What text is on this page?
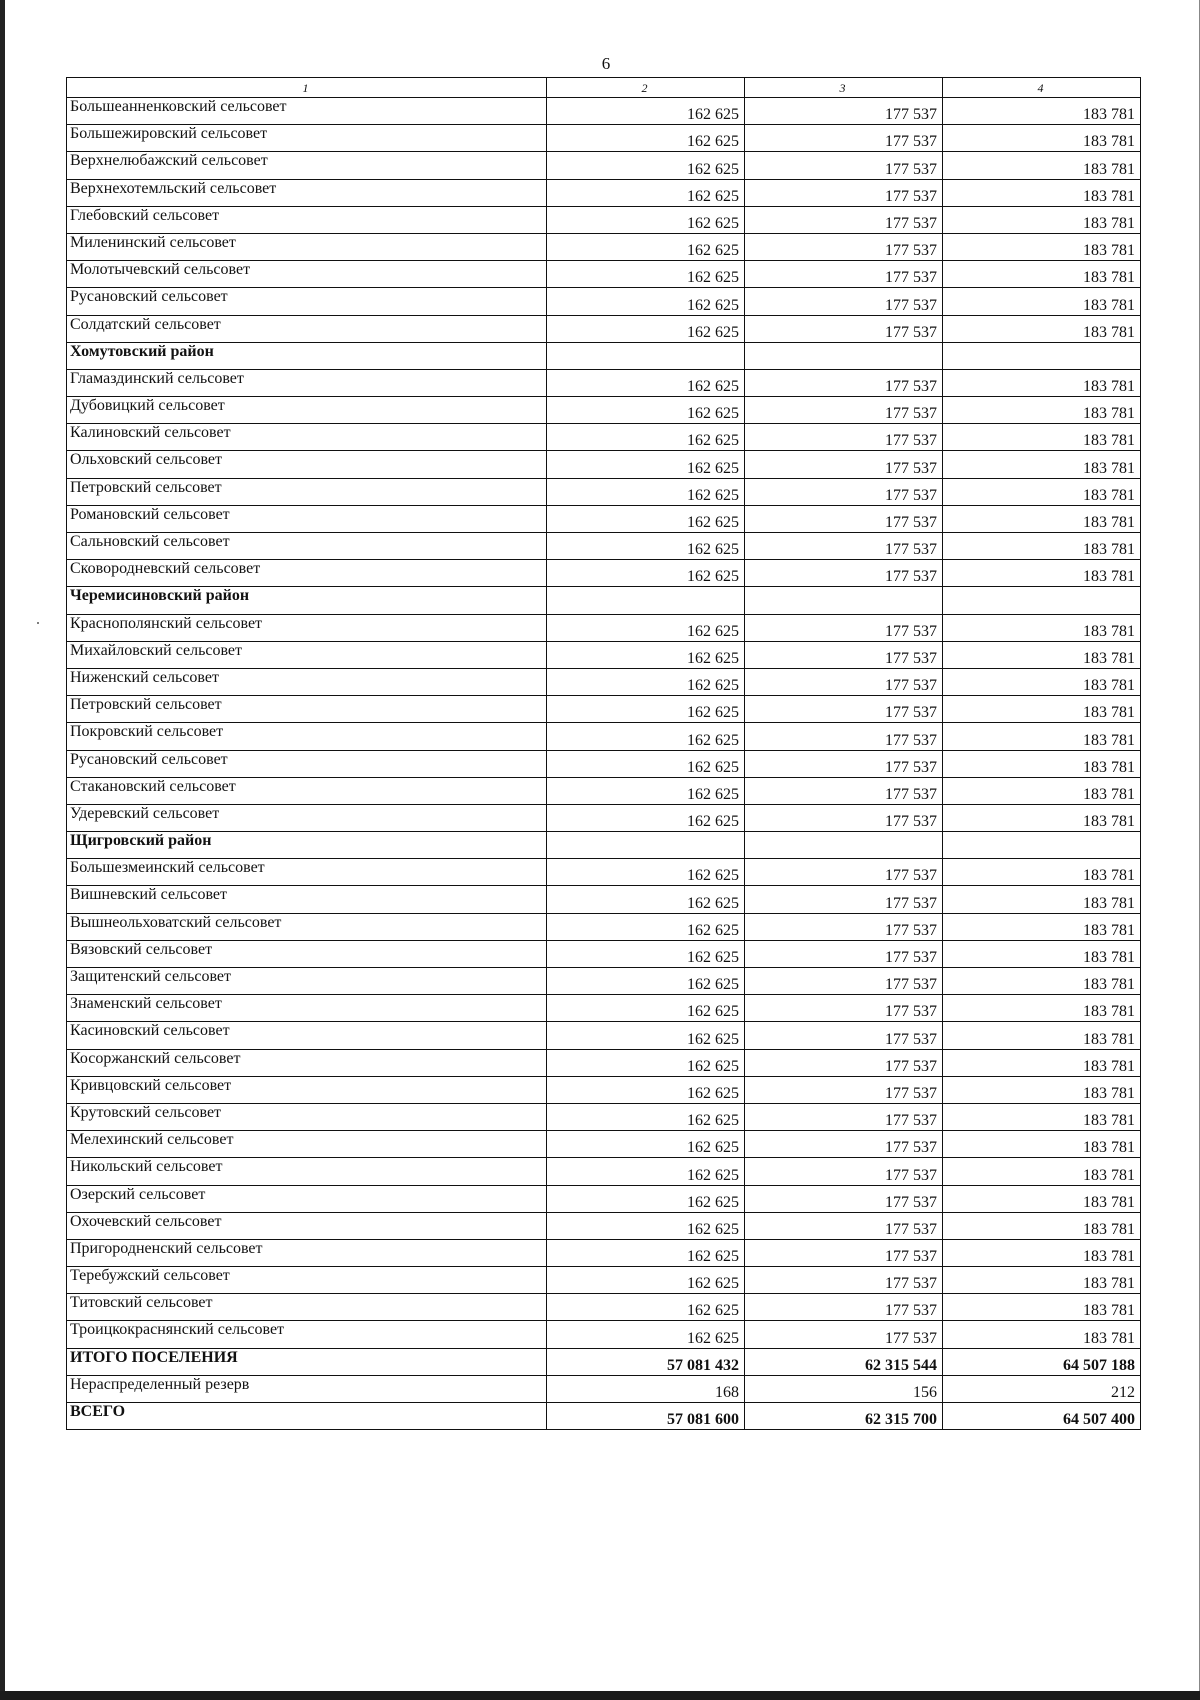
6
1	2	3	4
Большеанненковский сельсовет	162 625	177 537	183 781
Большежировский сельсовет	162 625	177 537	183 781
Верхнелюбажский сельсовет	162 625	177 537	183 781
Верхнехотемльский сельсовет	162 625	177 537	183 781
Глебовский сельсовет	162 625	177 537	183 781
Миленинский сельсовет	162 625	177 537	183 781
Молотычевский сельсовет	162 625	177 537	183 781
Русановский сельсовет	162 625	177 537	183 781
Солдатский сельсовет	162 625	177 537	183 781
Хомутовский район			
Гламаздинский сельсовет	162 625	177 537	183 781
Дубовицкий сельсовет	162 625	177 537	183 781
Калиновский сельсовет	162 625	177 537	183 781
Ольховский сельсовет	162 625	177 537	183 781
Петровский сельсовет	162 625	177 537	183 781
Романовский сельсовет	162 625	177 537	183 781
Сальновский сельсовет	162 625	177 537	183 781
Сковородневский сельсовет	162 625	177 537	183 781
Черемисиновский район			
Краснополянский сельсовет	162 625	177 537	183 781
Михайловский сельсовет	162 625	177 537	183 781
Ниженский сельсовет	162 625	177 537	183 781
Петровский сельсовет	162 625	177 537	183 781
Покровский сельсовет	162 625	177 537	183 781
Русановский сельсовет	162 625	177 537	183 781
Стакановский сельсовет	162 625	177 537	183 781
Удеревский сельсовет	162 625	177 537	183 781
Щигровский район			
Большезмеинский сельсовет	162 625	177 537	183 781
Вишневский сельсовет	162 625	177 537	183 781
Вышнеольховатский сельсовет	162 625	177 537	183 781
Вязовский сельсовет	162 625	177 537	183 781
Защитенский сельсовет	162 625	177 537	183 781
Знаменский сельсовет	162 625	177 537	183 781
Касиновский сельсовет	162 625	177 537	183 781
Косоржанский сельсовет	162 625	177 537	183 781
Кривцовский сельсовет	162 625	177 537	183 781
Крутовский сельсовет	162 625	177 537	183 781
Мелехинский сельсовет	162 625	177 537	183 781
Никольский сельсовет	162 625	177 537	183 781
Озерский сельсовет	162 625	177 537	183 781
Охочевский сельсовет	162 625	177 537	183 781
Пригородненский сельсовет	162 625	177 537	183 781
Теребужский сельсовет	162 625	177 537	183 781
Титовский сельсовет	162 625	177 537	183 781
Троицкокраснянский сельсовет	162 625	177 537	183 781
ИТОГО ПОСЕЛЕНИЯ	57 081 432	62 315 544	64 507 188
Нераспределенный резерв	168	156	212
ВСЕГО	57 081 600	62 315 700	64 507 400
